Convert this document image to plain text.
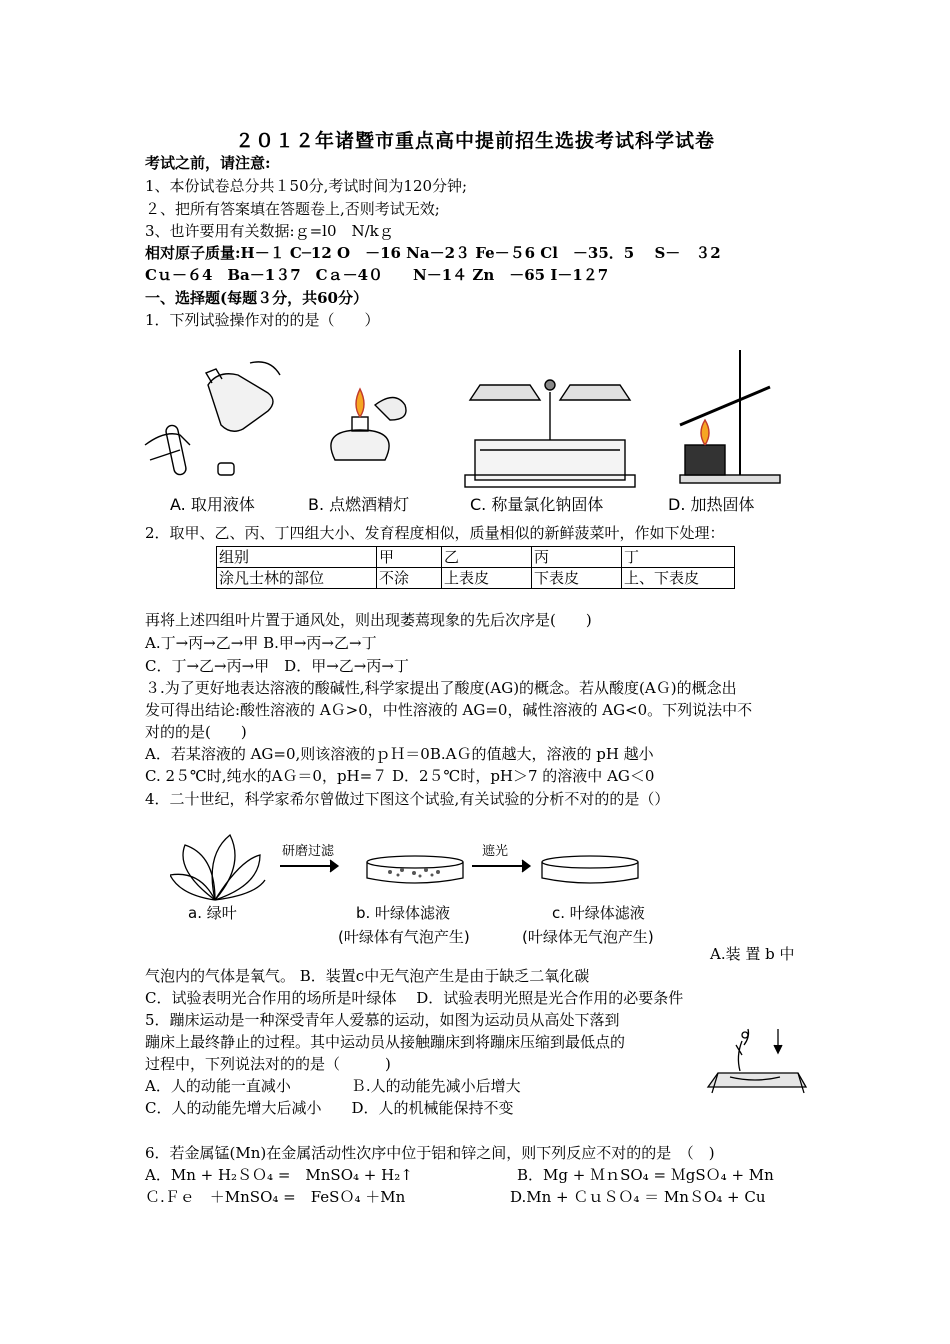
２０１２年诸暨市重点高中提前招生选拔考试科学试卷
考试之前，请注意:
1、本份试卷总分共１50分,考试时间为120分钟;
２、把所有答案填在答题卷上,否则考试无效;
3、也许要用有关数据:ｇ=l0　N/kｇ
相对原子质量:H－１ C─12 O　－16 Na－2３ Fe－５6 Cl　－35．5　 S－　３2
Cｕ－６4　Ba－1３7　Cａ－4０　　N－1４ Zn　－65 I－1２7
一、选择题(每题３分，共60分）
1．下列试验操作对的的是（　　）
A. 取用液体	B. 点燃酒精灯	C. 称量氯化钠固体	D. 加热固体
2．取甲、乙、丙、丁四组大小、发育程度相似，质量相似的新鲜菠菜叶，作如下处理：
组别	甲	乙	丙	丁
涂凡士林的部位	不涂	上表皮	下表皮	上、下表皮
再将上述四组叶片置于通风处，则出现萎蔫现象的先后次序是(　　)
A.丁→丙→乙→甲 B.甲→丙→乙→丁
C．丁→乙→丙→甲　D．甲→乙→丙→丁
３.为了更好地表达溶液的酸碱性,科学家提出了酸度(AG)的概念。若从酸度(AＧ)的概念出
发可得出结论:酸性溶液的 AＧ>0，中性溶液的 AG=0，碱性溶液的 AG<0。下列说法中不
对的的是(　　)
A．若某溶液的 AG=0,则该溶液的ｐＨ＝0B.AＧ的值越大，溶液的 pH 越小
C. 2５℃时,纯水的AＧ＝0，pH=７ D．2５℃时，pH＞7 的溶液中 AG＜0
4．二十世纪，科学家希尔曾做过下图这个试验,有关试验的分析不对的的是（）
研磨过滤	遮光
a. 绿叶	b. 叶绿体滤液	c. 叶绿体滤液
(叶绿体有气泡产生)	(叶绿体无气泡产生)
A.装 置 b 中
气泡内的气体是氧气。 B．装置c中无气泡产生是由于缺乏二氧化碳
C．试验表明光合作用的场所是叶绿体　 D．试验表明光照是光合作用的必要条件
5．蹦床运动是一种深受青年人爱慕的运动，如图为运动员从高处下落到
蹦床上最终静止的过程。其中运动员从接触蹦床到将蹦床压缩到最低点的
过程中，下列说法对的的是（　　　)
A．人的动能一直减小　　　　Ｂ.人的动能先减小后增大
C．人的动能先增大后减小　　D．人的机械能保持不变
6．若金属锰(Mn)在金属活动性次序中位于铝和锌之间，则下列反应不对的的是　（　)
A．Mn + H₂ＳＯ₄ =　MnSO₄ + H₂↑	B．Mg + ＭｎSO₄ = ＭgSＯ₄ + Mn
Ｃ.Ｆｅ　＋MnSO₄ =　FeSＯ₄ ＋Mn	D.Mn + ＣｕＳＯ₄ ＝ MnＳO₄ + Cu
